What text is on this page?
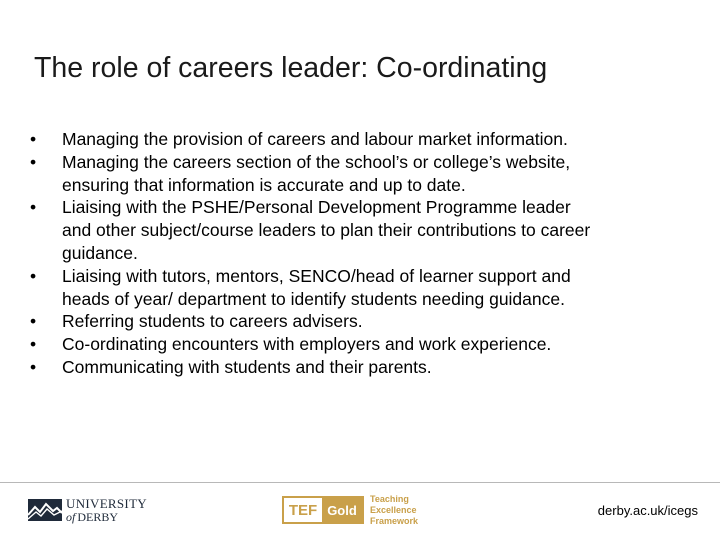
The role of careers leader: Co-ordinating
•	Managing the provision of careers and labour market information.
•	Managing the careers section of the school’s or college’s website,
ensuring that information is accurate and up to date.
•	Liaising with the PSHE/Personal Development Programme leader
and other subject/course leaders to plan their contributions to career
guidance.
•	Liaising with tutors, mentors, SENCO/head of learner support and
heads of year/ department to identify students needing guidance.
•	Referring students to careers advisers.
•	Co-ordinating encounters with employers and work experience.
•	Communicating with students and their parents.
UNIVERSITY
of DERBY	TEF Gold
Teaching
Excellence
Framework
derby.ac.uk/icegs
